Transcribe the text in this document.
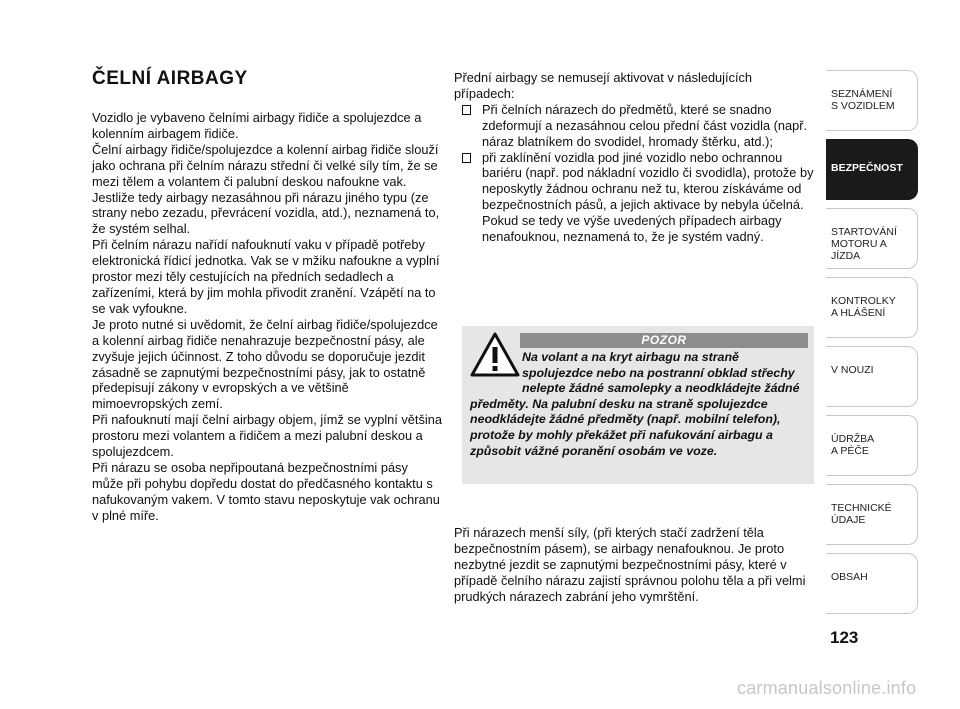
ČELNÍ AIRBAGY

Vozidlo je vybaveno čelními airbagy řidiče a spolujezdce a kolenním airbagem řidiče.

Čelní airbagy řidiče/spolujezdce a kolenní airbag řidiče slouží jako ochrana při čelním nárazu střední či velké síly tím, že se mezi tělem a volantem či palubní deskou nafoukne vak.

Jestliže tedy airbagy nezasáhnou při nárazu jiného typu (ze strany nebo zezadu, převrácení vozidla, atd.), neznamená to, že systém selhal.

Při čelním nárazu nařídí nafouknutí vaku v případě potřeby elektronická řídicí jednotka. Vak se v mžiku nafoukne a vyplní prostor mezi těly cestujících na předních sedadlech a zařízeními, která by jim mohla přivodit zranění. Vzápětí na to se vak vyfoukne.

Je proto nutné si uvědomit, že čelní airbag řidiče/spolujezdce a kolenní airbag řidiče nenahrazuje bezpečnostní pásy, ale zvyšuje jejich účinnost. Z toho důvodu se doporučuje jezdit zásadně se zapnutými bezpečnostními pásy, jak to ostatně předepisují zákony v evropských a ve většině mimoevropských zemí.

Při nafouknutí mají čelní airbagy objem, jímž se vyplní většina prostoru mezi volantem a řidičem a mezi palubní deskou a spolujezdcem.

Při nárazu se osoba nepřipoutaná bezpečnostními pásy může při pohybu dopředu dostat do předčasného kontaktu s nafukovaným vakem. V tomto stavu neposkytuje vak ochranu v plné míře.

Přední airbagy se nemusejí aktivovat v následujících případech:

Při čelních nárazech do předmětů, které se snadno zdeformují a nezasáhnou celou přední část vozidla (např. náraz blatníkem do svodidel, hromady štěrku, atd.);
při zaklínění vozidla pod jiné vozidlo nebo ochrannou bariéru (např. pod nákladní vozidlo či svodidla), protože by neposkytly žádnou ochranu než tu, kterou získáváme od bezpečnostních pásů, a jejich aktivace by nebyla účelná. Pokud se tedy ve výše uvedených případech airbagy nenafouknou, neznamená to, že je systém vadný.
POZOR

Na volant a na kryt airbagu na straně spolujezdce nebo na postranní obklad střechy nelepte žádné samolepky a neodkládejte žádné předměty. Na palubní desku na straně spolujezdce neodkládejte žádné předměty (např. mobilní telefon), protože by mohly překážet při nafukování airbagu a způsobit vážné poranění osobám ve voze.

Při nárazech menší síly, (při kterých stačí zadržení těla bezpečnostním pásem), se airbagy nenafouknou. Je proto nezbytné jezdit se zapnutými bezpečnostními pásy, které v případě čelního nárazu zajistí správnou polohu těla a při velmi prudkých nárazech zabrání jeho vymrštění.

SEZNÁMENÍ
S VOZIDLEM
BEZPEČNOST
STARTOVÁNÍ
MOTORU A JÍZDA
KONTROLKY
A HLÁŠENÍ
V NOUZI
ÚDRŽBA
A PÉČE
TECHNICKÉ
ÚDAJE
OBSAH

123

carmanualsonline.info
